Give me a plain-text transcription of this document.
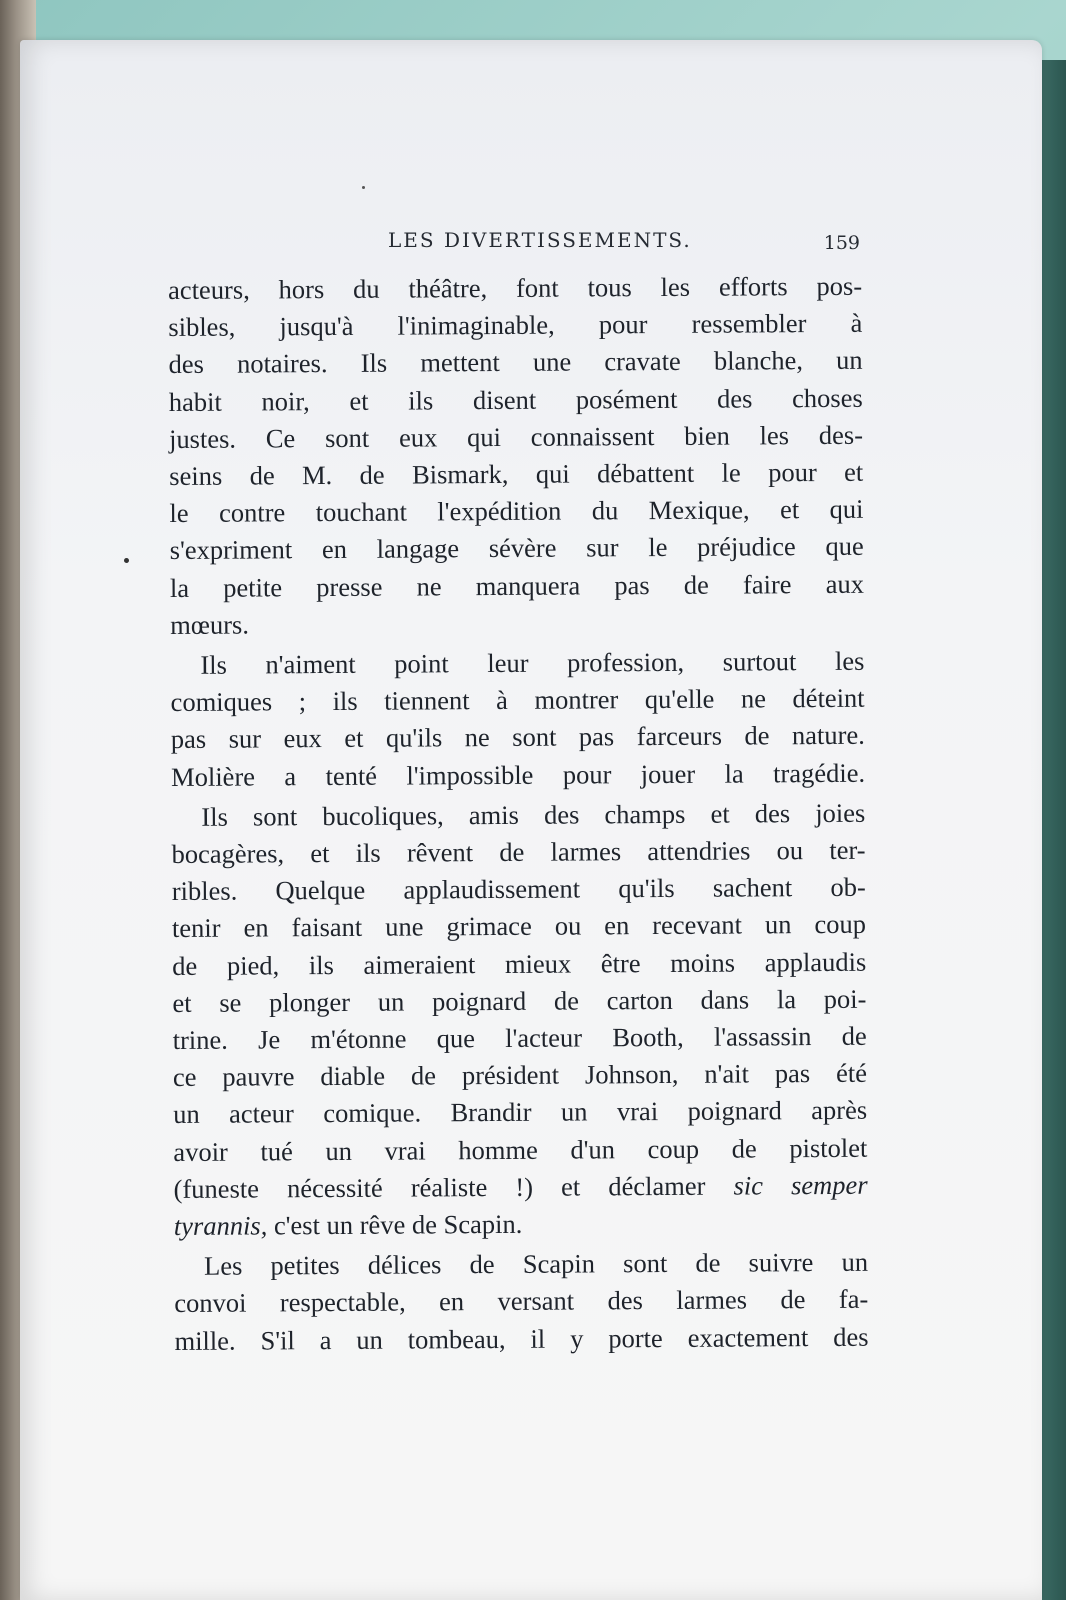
LES DIVERTISSEMENTS.	159
acteurs, hors du théâtre, font tous les efforts pos-
sibles, jusqu'à l'inimaginable, pour ressembler à
des notaires. Ils mettent une cravate blanche, un
habit noir, et ils disent posément des choses
justes. Ce sont eux qui connaissent bien les des-
seins de M. de Bismark, qui débattent le pour et
le contre touchant l'expédition du Mexique, et qui
s'expriment en langage sévère sur le préjudice que
la petite presse ne manquera pas de faire aux
mœurs.
Ils n'aiment point leur profession, surtout les
comiques ; ils tiennent à montrer qu'elle ne déteint
pas sur eux et qu'ils ne sont pas farceurs de nature.
Molière a tenté l'impossible pour jouer la tragédie.
Ils sont bucoliques, amis des champs et des joies
bocagères, et ils rêvent de larmes attendries ou ter-
ribles. Quelque applaudissement qu'ils sachent ob-
tenir en faisant une grimace ou en recevant un coup
de pied, ils aimeraient mieux être moins applaudis
et se plonger un poignard de carton dans la poi-
trine. Je m'étonne que l'acteur Booth, l'assassin de
ce pauvre diable de président Johnson, n'ait pas été
un acteur comique. Brandir un vrai poignard après
avoir tué un vrai homme d'un coup de pistolet
(funeste nécessité réaliste !) et déclamer sic semper
tyrannis, c'est un rêve de Scapin.
Les petites délices de Scapin sont de suivre un
convoi respectable, en versant des larmes de fa-
mille. S'il a un tombeau, il y porte exactement des
